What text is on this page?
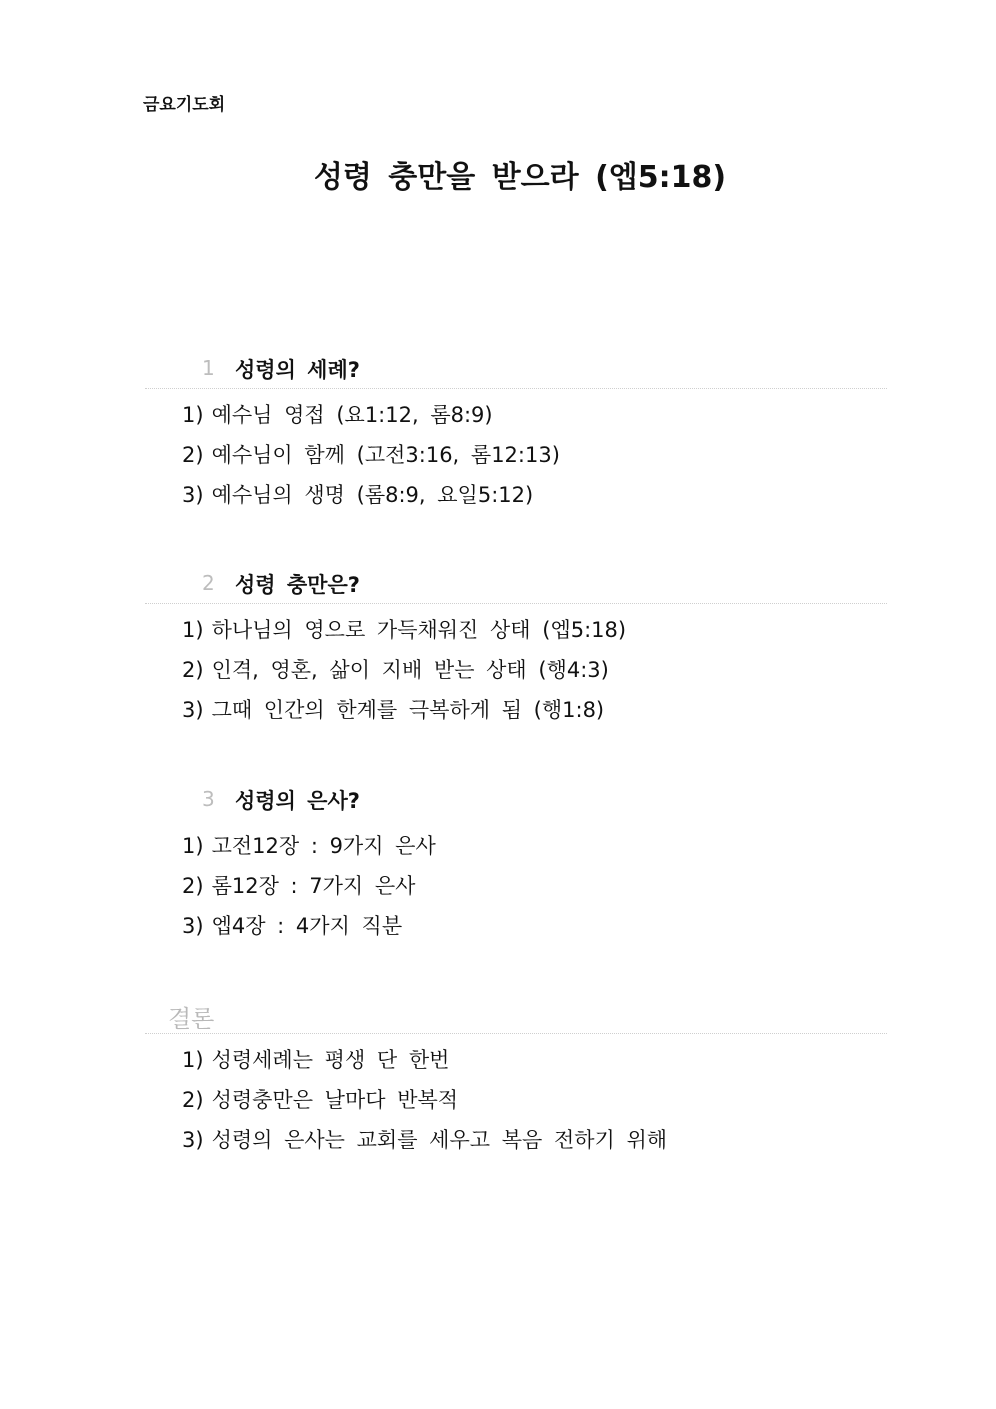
금요기도회
성령 충만을 받으라 (엡5:18)
1 성령의 세례?
1) 예수님 영접 (요1:12, 롬8:9)
2) 예수님이 함께 (고전3:16, 롬12:13)
3) 예수님의 생명 (롬8:9, 요일5:12)
2 성령 충만은?
1) 하나님의 영으로 가득채워진 상태 (엡5:18)
2) 인격, 영혼, 삶이 지배 받는 상태 (행4:3)
3) 그때 인간의 한계를 극복하게 됨 (행1:8)
3 성령의 은사?
1) 고전12장 : 9가지 은사
2) 롬12장 : 7가지 은사
3) 엡4장 : 4가지 직분
결론
1) 성령세례는 평생 단 한번
2) 성령충만은 날마다 반복적
3) 성령의 은사는 교회를 세우고 복음 전하기 위해
